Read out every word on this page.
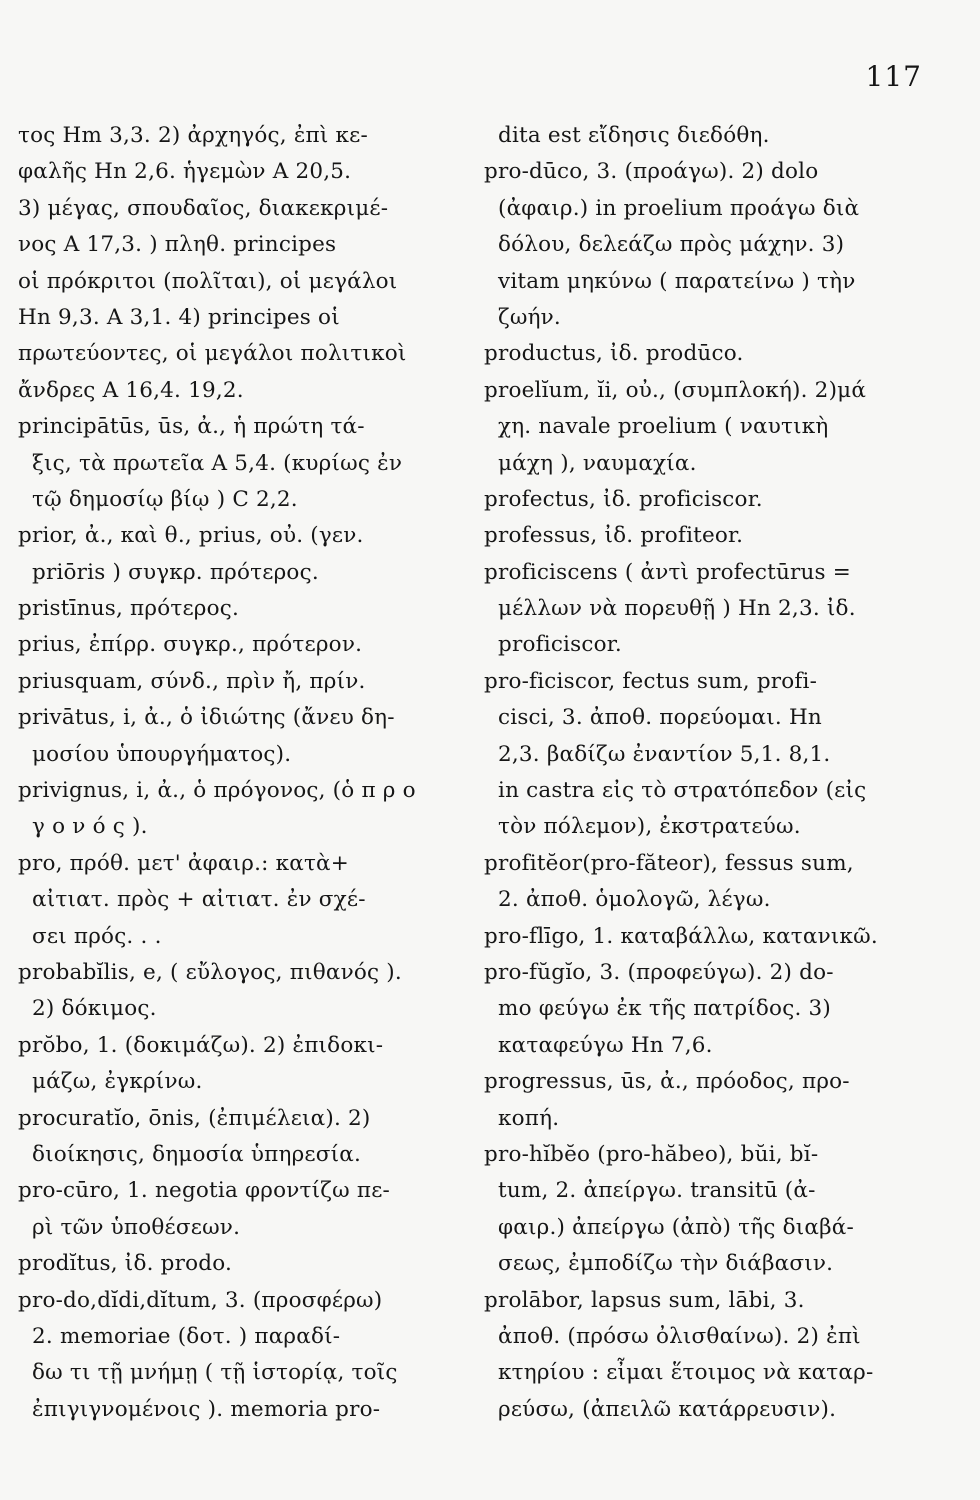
117
τος Hm 3,3. 2) ἀρχηγός, ἐπὶ κε-
φαλῆς Hn 2,6. ἡγεμὼν A 20,5.
3) μέγας, σπουδαῖος, διακεκριμέ-
νος A 17,3. ) πληθ. principes
οἱ πρόκριτοι (πολῖται), οἱ μεγάλοι
Hn 9,3. A 3,1. 4) principes οἱ
πρωτεύοντες, οἱ μεγάλοι πολιτικοὶ
ἄνδρες A 16,4. 19,2.
principātūs, ūs, ἀ., ἡ πρώτη τά-
ξις, τὰ πρωτεῖα A 5,4. (κυρίως ἐν
τῷ δημοσίῳ βίῳ ) C 2,2.
prior, ἀ., καὶ θ., prius, οὐ. (γεν.
priōris ) συγκρ. πρότερος.
pristīnus, πρότερος.
prius, ἐπίρρ. συγκρ., πρότερον.
priusquam, σύνδ., πρὶν ἤ, πρίν.
privātus, i, ἀ., ὁ ἰδιώτης (ἄνευ δη-
μοσίου ὑπουργήματος).
privignus, i, ἀ., ὁ πρόγονος, (ὁ π ρ ο
γ ο ν ό ς ).
pro, πρόθ. μετ' ἀφαιρ.: κατὰ+
αἰτιατ. πρὸς + αἰτιατ. ἐν σχέ-
σει πρός. . .
probabĭlis, e, ( εὔλογος, πιθανός ).
2) δόκιμος.
prŏbo, 1. (δοκιμάζω). 2) ἐπιδοκι-
μάζω, ἐγκρίνω.
procuratĭo, ōnis, (ἐπιμέλεια). 2)
διοίκησις, δημοσία ὑπηρεσία.
pro-cūro, 1. negotia φροντίζω πε-
ρὶ τῶν ὑποθέσεων.
prodĭtus, ἰδ. prodo.
pro-do,dĭdi,dĭtum, 3. (προσφέρω)
2. memoriae (δοτ. ) παραδί-
δω τι τῇ μνήμῃ ( τῇ ἱστορίᾳ, τοῖς
ἐπιγιγνομένοις ). memoria pro-
dita est εἴδησις διεδόθη.
pro-dūco, 3. (προάγω). 2) dolo
(ἀφαιρ.) in proelium προάγω διὰ
δόλου, δελεάζω πρὸς μάχην. 3)
vitam μηκύνω ( παρατείνω ) τὴν
ζωήν.
productus, ἰδ. prodūco.
proelĭum, ĭi, οὐ., (συμπλοκή). 2)μά
χη. navale proelium ( ναυτικὴ
μάχη ), ναυμαχία.
profectus, ἰδ. proficiscor.
professus, ἰδ. profiteor.
proficiscens ( ἀντὶ profectūrus =
μέλλων νὰ πορευθῇ ) Hn 2,3. ἰδ.
proficiscor.
pro-ficiscor, fectus sum, profi-
cisci, 3. ἀποθ. πορεύομαι. Hn
2,3. βαδίζω ἐναντίον 5,1. 8,1.
in castra εἰς τὸ στρατόπεδον (εἰς
τὸν πόλεμον), ἐκστρατεύω.
profitĕor(pro-fătеor), fessus sum,
2. ἀποθ. ὁμολογῶ, λέγω.
pro-flīgo, 1. καταβάλλω, κατανικῶ.
pro-fŭgĭo, 3. (προφεύγω). 2) do-
mo φεύγω ἐκ τῆς πατρίδος. 3)
καταφεύγω Hn 7,6.
progressus, ūs, ἀ., πρόοδος, προ-
κοπή.
pro-hĭbĕo (pro-hăbeo), bŭi, bĭ-
tum, 2. ἀπείργω. transitū (ἀ-
φαιρ.) ἀπείργω (ἀπὸ) τῆς διαβά-
σεως, ἐμποδίζω τὴν διάβασιν.
prolābor, lapsus sum, lābi, 3.
ἀποθ. (πρόσω ὀλισθαίνω). 2) ἐπὶ
κτηρίου : εἶμαι ἕτοιμος νὰ καταρ-
ρεύσω, (ἀπειλῶ κατάρρευσιν).
